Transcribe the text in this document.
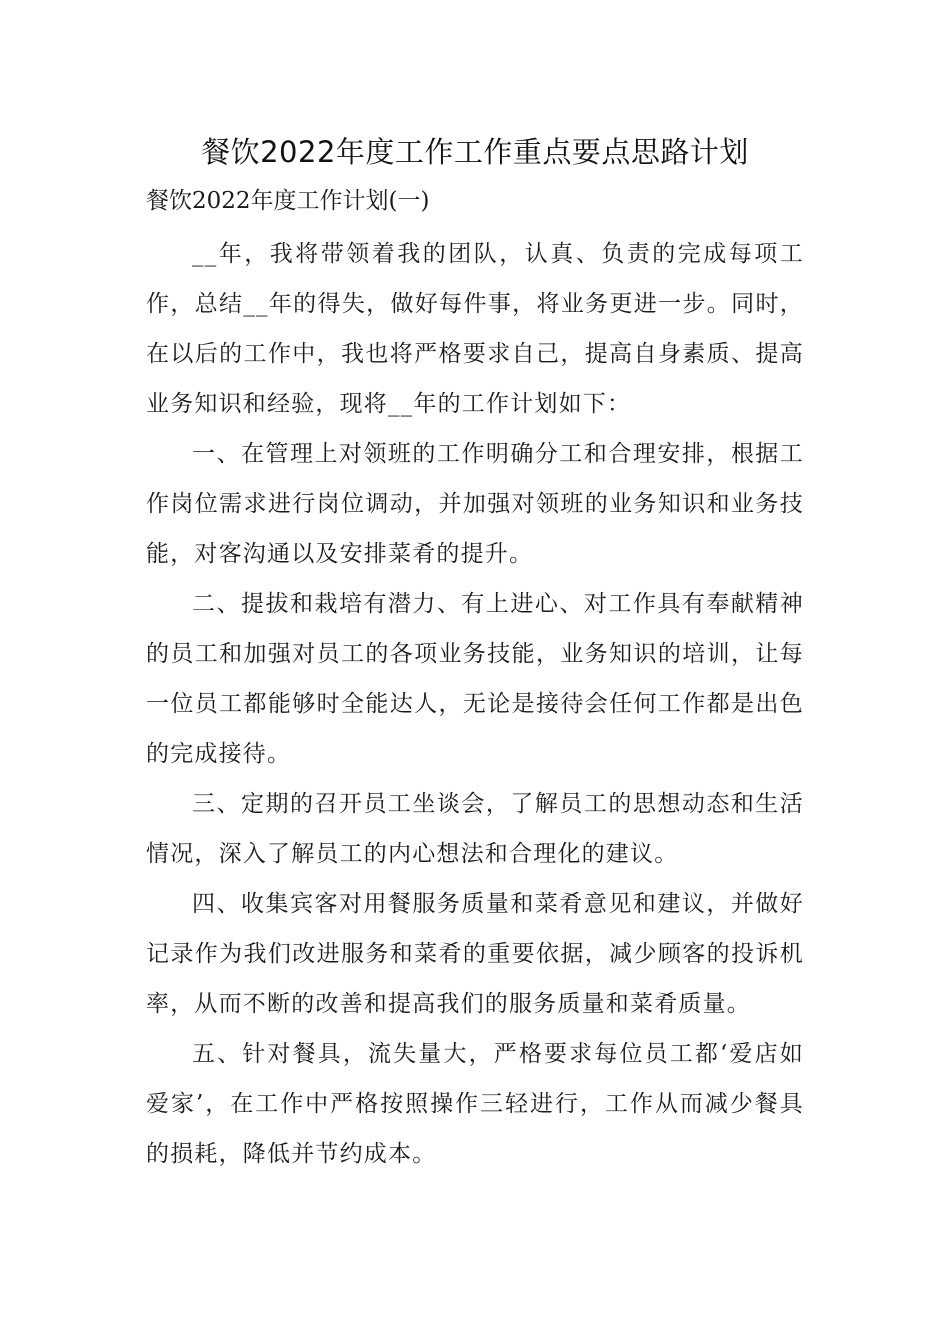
餐饮2022年度工作工作重点要点思路计划
餐饮2022年度工作计划(一)

__年，我将带领着我的团队，认真、负责的完成每项工作，总结__年的得失，做好每件事，将业务更进一步。同时，在以后的工作中，我也将严格要求自己，提高自身素质、提高业务知识和经验，现将__年的工作计划如下：

一、在管理上对领班的工作明确分工和合理安排，根据工作岗位需求进行岗位调动，并加强对领班的业务知识和业务技能，对客沟通以及安排菜肴的提升。

二、提拔和栽培有潜力、有上进心、对工作具有奉献精神的员工和加强对员工的各项业务技能，业务知识的培训，让每一位员工都能够时全能达人，无论是接待会任何工作都是出色的完成接待。

三、定期的召开员工坐谈会，了解员工的思想动态和生活情况，深入了解员工的内心想法和合理化的建议。

四、收集宾客对用餐服务质量和菜肴意见和建议，并做好记录作为我们改进服务和菜肴的重要依据，减少顾客的投诉机率，从而不断的改善和提高我们的服务质量和菜肴质量。

五、针对餐具，流失量大，严格要求每位员工都‘爱店如爱家’，在工作中严格按照操作三轻进行，工作从而减少餐具的损耗，降低并节约成本。
